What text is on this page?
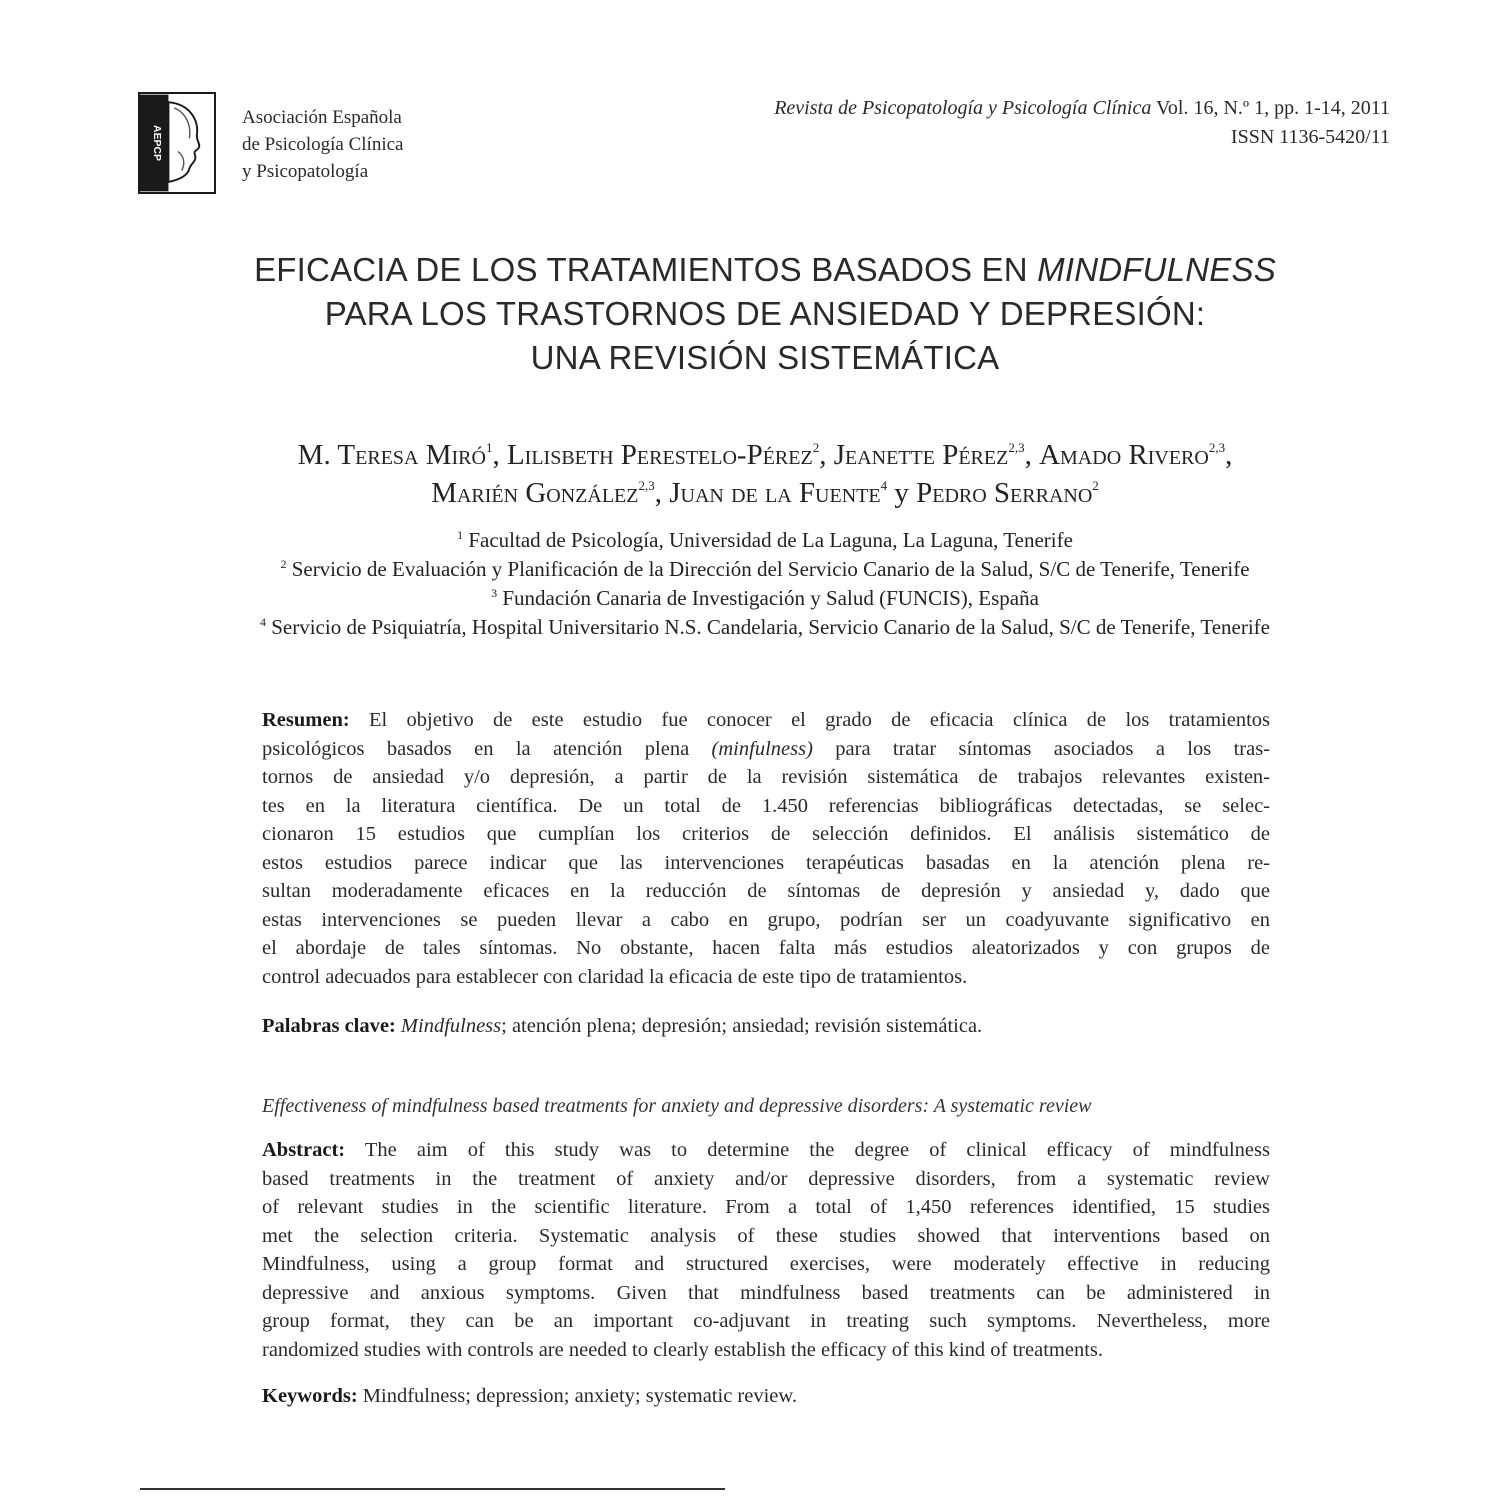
AEPCP
Asociación Española
de Psicología Clínica
y Psicopatología
Revista de Psicopatología y Psicología Clínica Vol. 16, N.º 1, pp. 1-14, 2011
ISSN 1136-5420/11
EFICACIA DE LOS TRATAMIENTOS BASADOS EN MINDFULNESS
PARA LOS TRASTORNOS DE ANSIEDAD Y DEPRESIÓN:
UNA REVISIÓN SISTEMÁTICA
M. Teresa Miró$^1$, Lilisbeth Perestelo-Pérez$^2$, Jeanette Pérez$^{2,3}$, Amado Rivero$^{2,3}$,
Marién González$^{2,3}$, Juan de la Fuente$^4$ y Pedro Serrano$^2$
$^1$ Facultad de Psicología, Universidad de La Laguna, La Laguna, Tenerife
$^2$ Servicio de Evaluación y Planificación de la Dirección del Servicio Canario de la Salud, S/C de Tenerife, Tenerife
$^3$ Fundación Canaria de Investigación y Salud (FUNCIS), España
$^4$ Servicio de Psiquiatría, Hospital Universitario N.S. Candelaria, Servicio Canario de la Salud, S/C de Tenerife, Tenerife
Resumen: El objetivo de este estudio fue conocer el grado de eficacia clínica de los tratamientos
psicológicos basados en la atención plena (minfulness) para tratar síntomas asociados a los tras-
tornos de ansiedad y/o depresión, a partir de la revisión sistemática de trabajos relevantes existen-
tes en la literatura científica. De un total de 1.450 referencias bibliográficas detectadas, se selec-
cionaron 15 estudios que cumplían los criterios de selección definidos. El análisis sistemático de
estos estudios parece indicar que las intervenciones terapéuticas basadas en la atención plena re-
sultan moderadamente eficaces en la reducción de síntomas de depresión y ansiedad y, dado que
estas intervenciones se pueden llevar a cabo en grupo, podrían ser un coadyuvante significativo en
el abordaje de tales síntomas. No obstante, hacen falta más estudios aleatorizados y con grupos de
control adecuados para establecer con claridad la eficacia de este tipo de tratamientos.
Palabras clave: Mindfulness; atención plena; depresión; ansiedad; revisión sistemática.
Effectiveness of mindfulness based treatments for anxiety and depressive disorders: A systematic review
Abstract: The aim of this study was to determine the degree of clinical efficacy of mindfulness
based treatments in the treatment of anxiety and/or depressive disorders, from a systematic review
of relevant studies in the scientific literature. From a total of 1,450 references identified, 15 studies
met the selection criteria. Systematic analysis of these studies showed that interventions based on
Mindfulness, using a group format and structured exercises, were moderately effective in reducing
depressive and anxious symptoms. Given that mindfulness based treatments can be administered in
group format, they can be an important co-adjuvant in treating such symptoms. Nevertheless, more
randomized studies with controls are needed to clearly establish the efficacy of this kind of treatments.
Keywords: Mindfulness; depression; anxiety; systematic review.
